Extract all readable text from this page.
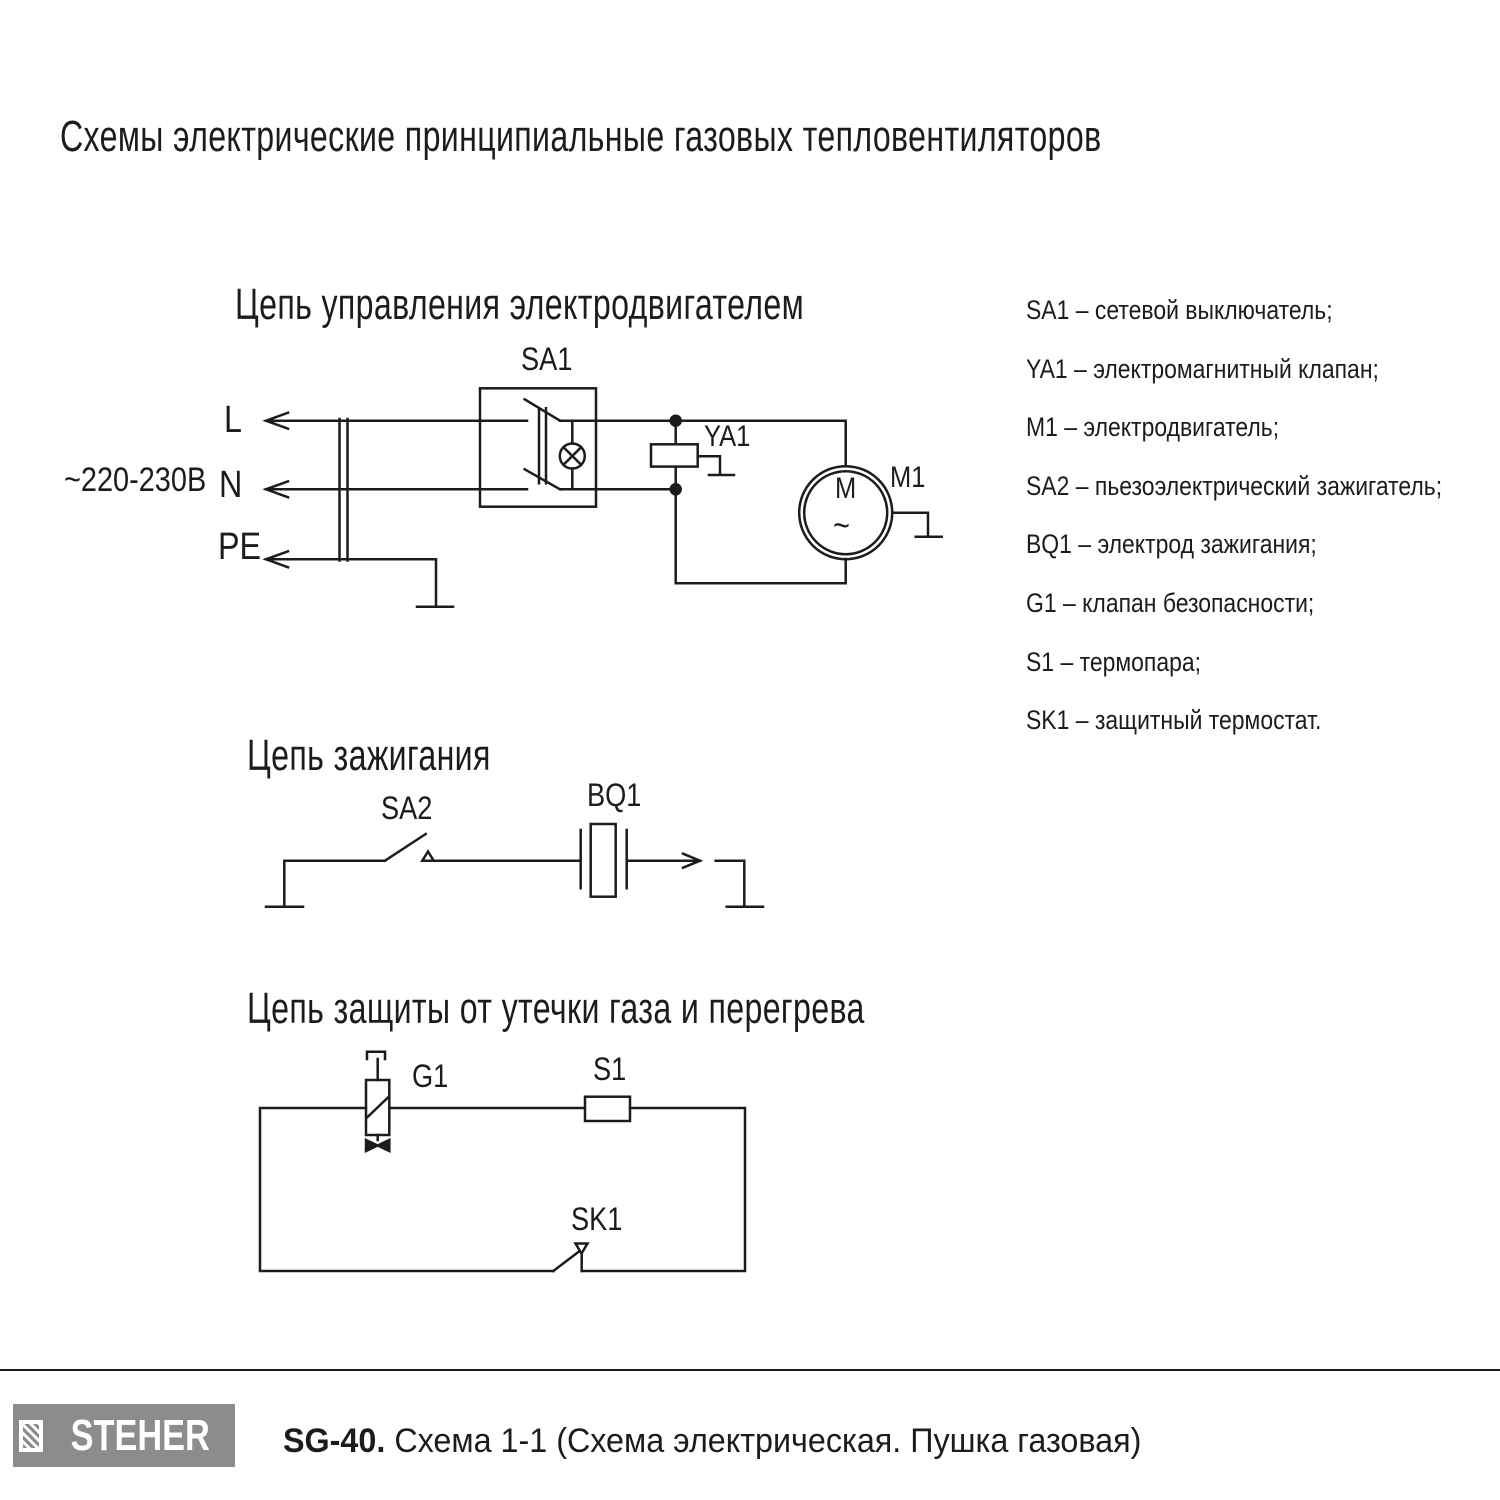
Схемы электрические принципиальные газовых тепловентиляторов
Цепь управления электродвигателем
Цепь зажигания
Цепь защиты от утечки газа и перегрева
SA1 – сетевой выключатель;
YA1 – электромагнитный клапан;
M1 – электродвигатель;
SA2 – пьезоэлектрический зажигатель;
BQ1 – электрод зажигания;
G1 – клапан безопасности;
S1 – термопара;
SK1 – защитный термостат.
~220-230В
L
N
PE
SA1
YA1
M1
M
~
SA2	BQ1
G1	S1
SK1
STEHER SG-40. Схема 1-1 (Схема электрическая. Пушка газовая)
